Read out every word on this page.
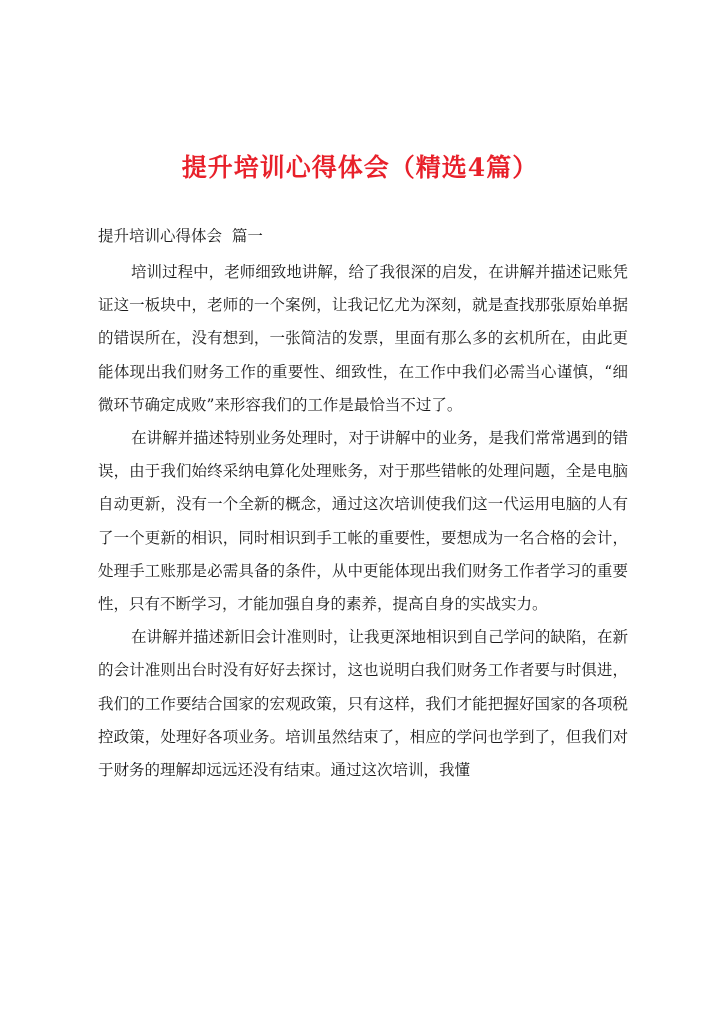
提升培训心得体会（精选4篇）

提升培训心得体会  篇一

培训过程中，老师细致地讲解，给了我很深的启发，在讲解并描述记账凭证这一板块中，老师的一个案例，让我记忆尤为深刻，就是查找那张原始单据的错误所在，没有想到，一张简洁的发票，里面有那么多的玄机所在，由此更能体现出我们财务工作的重要性、细致性，在工作中我们必需当心谨慎，“细微环节确定成败”来形容我们的工作是最恰当不过了。

在讲解并描述特别业务处理时，对于讲解中的业务，是我们常常遇到的错误，由于我们始终采纳电算化处理账务，对于那些错帐的处理问题，全是电脑自动更新，没有一个全新的概念，通过这次培训使我们这一代运用电脑的人有了一个更新的相识，同时相识到手工帐的重要性，要想成为一名合格的会计，处理手工账那是必需具备的条件，从中更能体现出我们财务工作者学习的重要性，只有不断学习，才能加强自身的素养，提高自身的实战实力。

在讲解并描述新旧会计准则时，让我更深地相识到自己学问的缺陷，在新的会计准则出台时没有好好去探讨，这也说明白我们财务工作者要与时俱进，我们的工作要结合国家的宏观政策，只有这样，我们才能把握好国家的各项税控政策，处理好各项业务。培训虽然结束了，相应的学问也学到了，但我们对于财务的理解却远远还没有结束。通过这次培训，我懂
